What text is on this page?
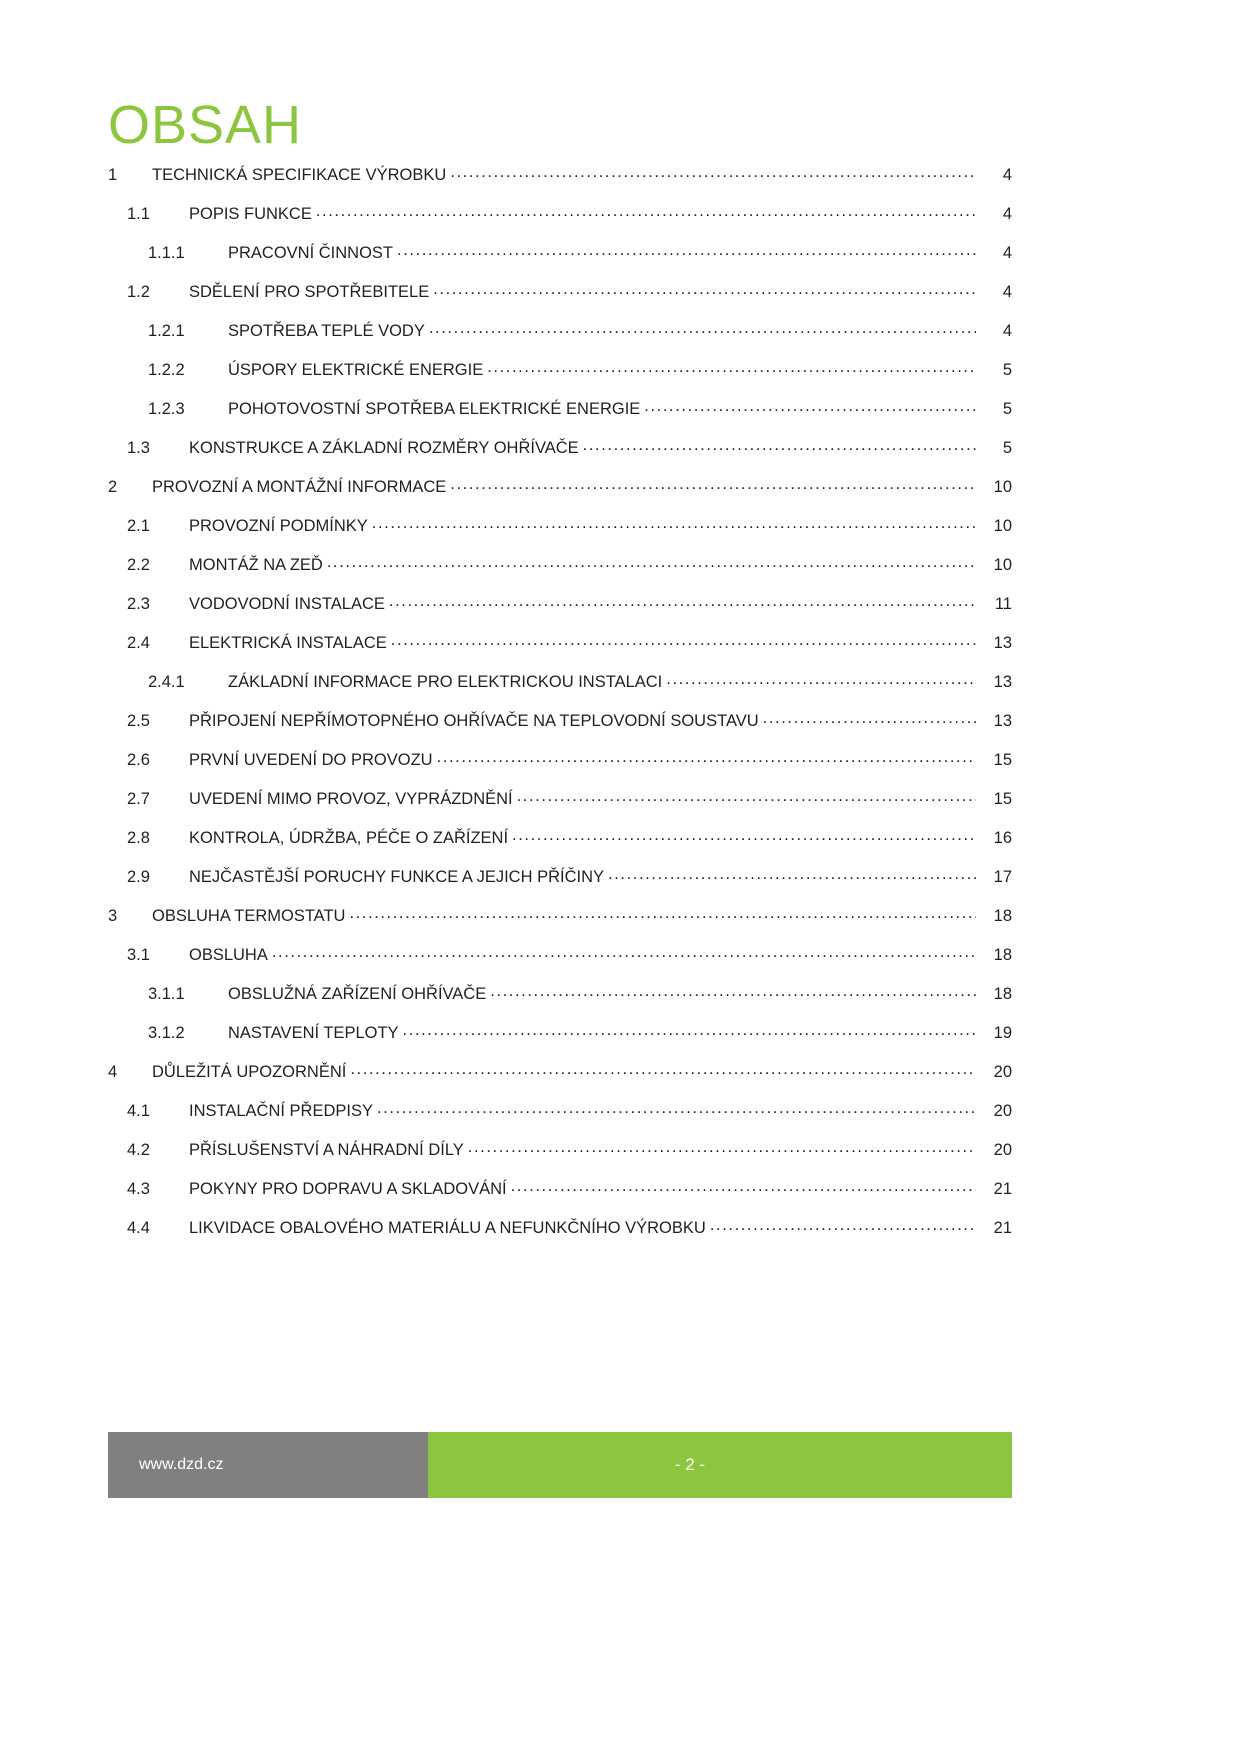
OBSAH
1	TECHNICKÁ SPECIFIKACE VÝROBKU .....	4
1.1	POPIS FUNKCE .....	4
1.1.1	PRACOVNÍ ČINNOST .....	4
1.2	SDĚLENÍ PRO SPOTŘEBITELE .....	4
1.2.1	SPOTŘEBA TEPLÉ VODY .....	4
1.2.2	ÚSPORY ELEKTRICKÉ ENERGIE .....	5
1.2.3	POHOTOVOSTNÍ SPOTŘEBA ELEKTRICKÉ ENERGIE .....	5
1.3	KONSTRUKCE A ZÁKLADNÍ ROZMĚRY OHŘÍVAČE .....	5
2	PROVOZNÍ A MONTÁŽNÍ INFORMACE .....	10
2.1	PROVOZNÍ PODMÍNKY .....	10
2.2	MONTÁŽ NA ZEĎ .....	10
2.3	VODOVODNÍ INSTALACE .....	11
2.4	ELEKTRICKÁ INSTALACE .....	13
2.4.1	ZÁKLADNÍ INFORMACE PRO ELEKTRICKOU INSTALACI .....	13
2.5	PŘIPOJENÍ NEPŘÍMOTOPNÉHO OHŘÍVAČE NA TEPLOVODNÍ SOUSTAVU .....	13
2.6	PRVNÍ UVEDENÍ DO PROVOZU .....	15
2.7	UVEDENÍ MIMO PROVOZ, VYPRÁZDNĚNÍ .....	15
2.8	KONTROLA, ÚDRŽBA, PÉČE O ZAŘÍZENÍ .....	16
2.9	NEJČASTĚJŠÍ PORUCHY FUNKCE A JEJICH PŘÍČINY .....	17
3	OBSLUHA TERMOSTATU .....	18
3.1	OBSLUHA .....	18
3.1.1	OBSLUŽNÁ ZAŘÍZENÍ OHŘÍVAČE .....	18
3.1.2	NASTAVENÍ TEPLOTY .....	19
4	DŮLEŽITÁ UPOZORNĚNÍ .....	20
4.1	INSTALAČNÍ PŘEDPISY .....	20
4.2	PŘÍSLUŠENSTVÍ A NÁHRADNÍ DÍLY .....	20
4.3	POKYNY PRO DOPRAVU A SKLADOVÁNÍ .....	21
4.4	LIKVIDACE OBALOVÉHO MATERIÁLU A NEFUNKČNÍHO VÝROBKU .....	21
www.dzd.cz	- 2 -
